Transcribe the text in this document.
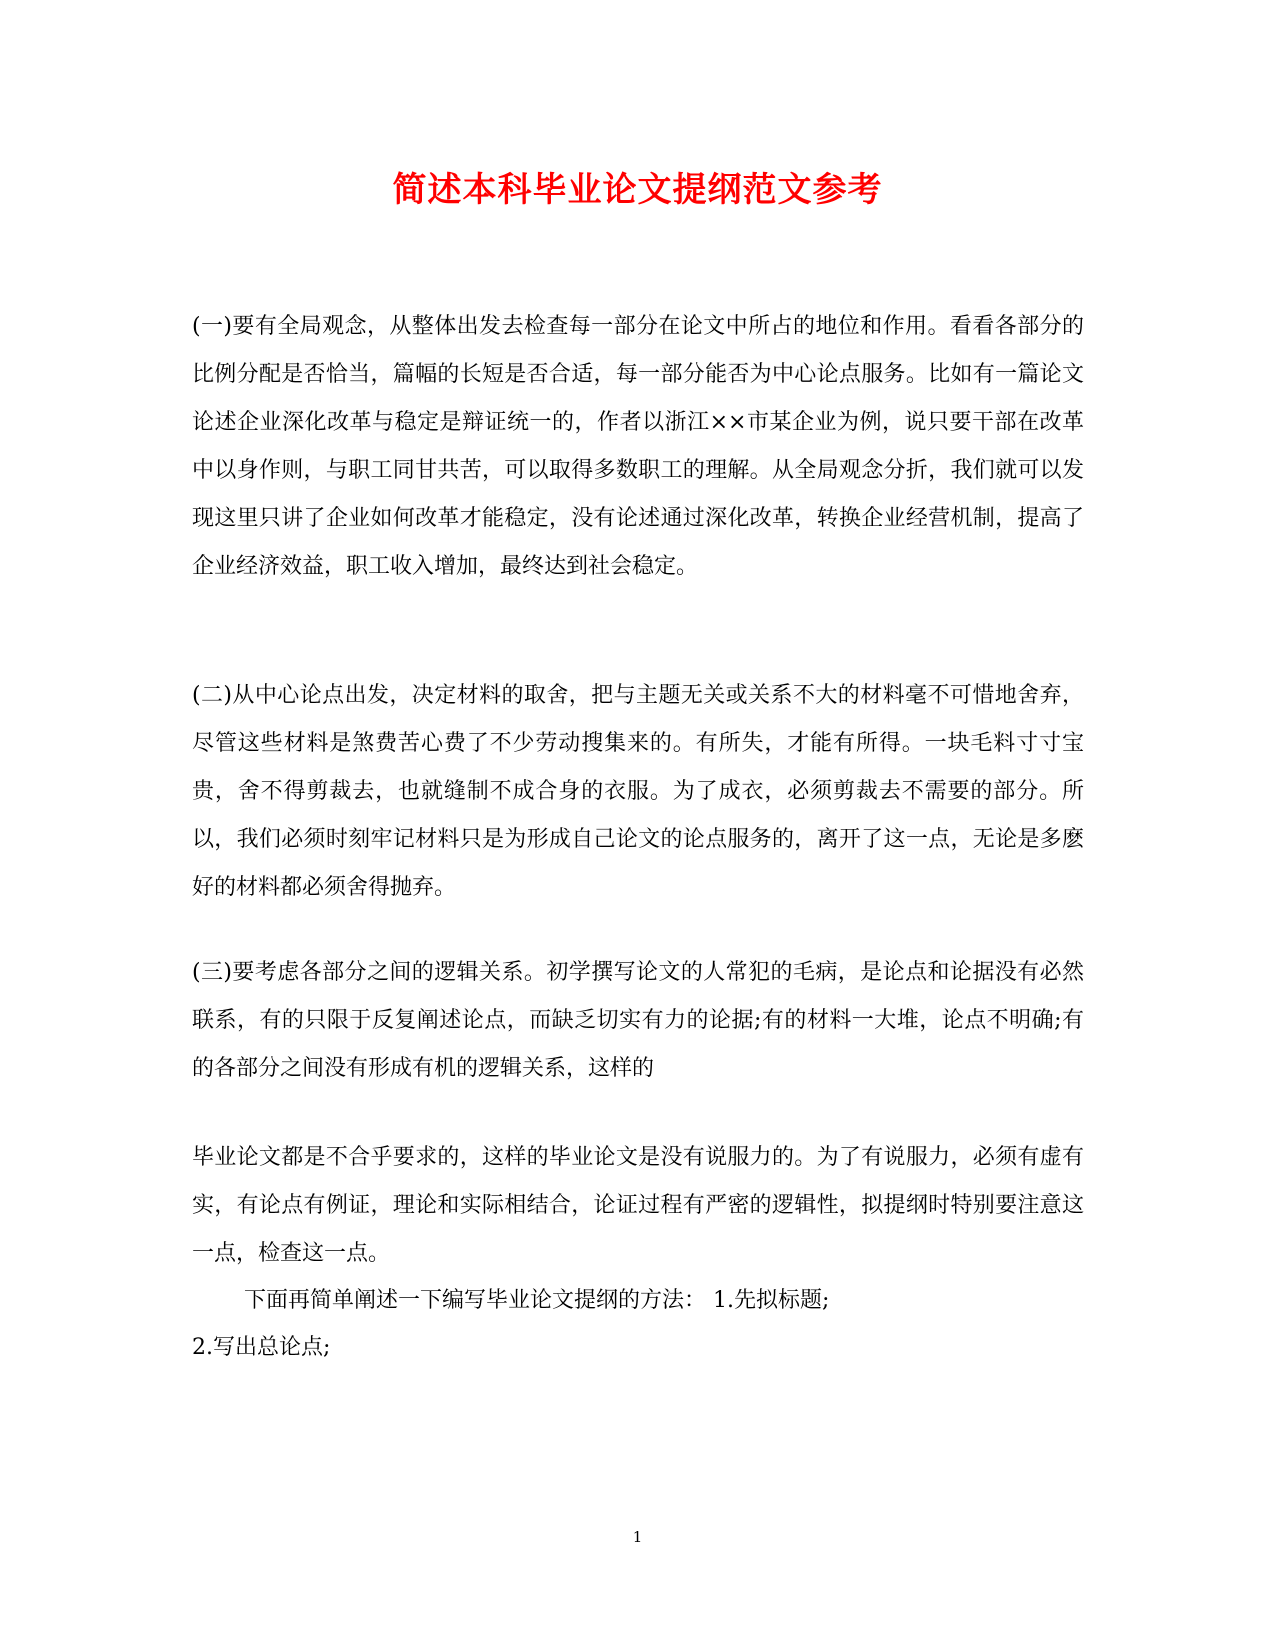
简述本科毕业论文提纲范文参考

(一)要有全局观念，从整体出发去检查每一部分在论文中所占的地位和作用。看看各部分的比例分配是否恰当，篇幅的长短是否合适，每一部分能否为中心论点服务。比如有一篇论文论述企业深化改革与稳定是辩证统一的，作者以浙江××市某企业为例，说只要干部在改革中以身作则，与职工同甘共苦，可以取得多数职工的理解。从全局观念分折，我们就可以发现这里只讲了企业如何改革才能稳定，没有论述通过深化改革，转换企业经营机制，提高了企业经济效益，职工收入增加，最终达到社会稳定。

(二)从中心论点出发，决定材料的取舍，把与主题无关或关系不大的材料毫不可惜地舍弃，尽管这些材料是煞费苦心费了不少劳动搜集来的。有所失，才能有所得。一块毛料寸寸宝贵，舍不得剪裁去，也就缝制不成合身的衣服。为了成衣，必须剪裁去不需要的部分。所以，我们必须时刻牢记材料只是为形成自己论文的论点服务的，离开了这一点，无论是多麽好的材料都必须舍得抛弃。

(三)要考虑各部分之间的逻辑关系。初学撰写论文的人常犯的毛病，是论点和论据没有必然联系，有的只限于反复阐述论点，而缺乏切实有力的论据;有的材料一大堆，论点不明确;有的各部分之间没有形成有机的逻辑关系，这样的

毕业论文都是不合乎要求的，这样的毕业论文是没有说服力的。为了有说服力，必须有虚有实，有论点有例证，理论和实际相结合，论证过程有严密的逻辑性，拟提纲时特别要注意这一点，检查这一点。

下面再简单阐述一下编写毕业论文提纲的方法： 1.先拟标题;

2.写出总论点;

1
